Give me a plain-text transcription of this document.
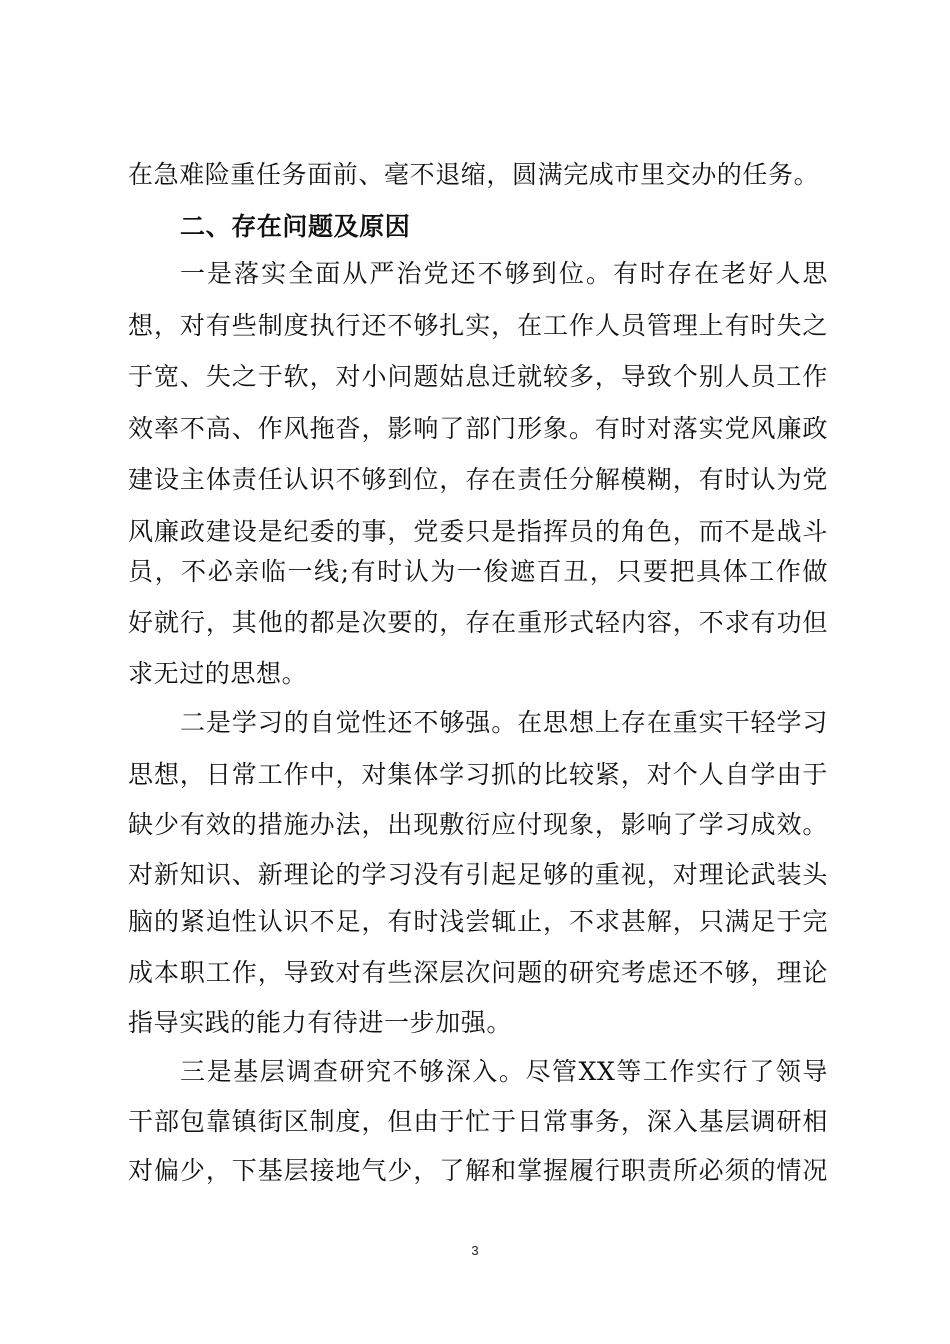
在急难险重任务面前、毫不退缩，圆满完成市里交办的任务。
二、存在问题及原因
一是落实全面从严治党还不够到位。有时存在老好人思
想，对有些制度执行还不够扎实，在工作人员管理上有时失之
于宽、失之于软，对小问题姑息迁就较多，导致个别人员工作
效率不高、作风拖沓，影响了部门形象。有时对落实党风廉政
建设主体责任认识不够到位，存在责任分解模糊，有时认为党
风廉政建设是纪委的事，党委只是指挥员的角色，而不是战斗
员，不必亲临一线;有时认为一俊遮百丑，只要把具体工作做
好就行，其他的都是次要的，存在重形式轻内容，不求有功但
求无过的思想。
二是学习的自觉性还不够强。在思想上存在重实干轻学习
思想，日常工作中，对集体学习抓的比较紧，对个人自学由于
缺少有效的措施办法，出现敷衍应付现象，影响了学习成效。
对新知识、新理论的学习没有引起足够的重视，对理论武装头
脑的紧迫性认识不足，有时浅尝辄止，不求甚解，只满足于完
成本职工作，导致对有些深层次问题的研究考虑还不够，理论
指导实践的能力有待进一步加强。
三是基层调查研究不够深入。尽管XX等工作实行了领导
干部包靠镇街区制度，但由于忙于日常事务，深入基层调研相
对偏少，下基层接地气少，了解和掌握履行职责所必须的情况
3
